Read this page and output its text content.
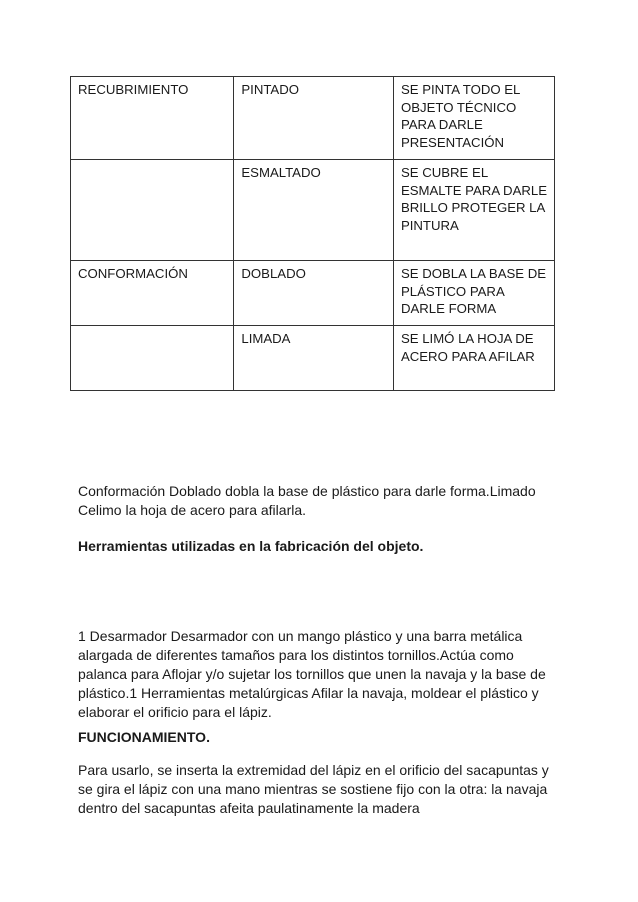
RECUBRIMIENTO	PINTADO	SE PINTA TODO EL OBJETO TÉCNICO PARA DARLE PRESENTACIÓN
	ESMALTADO	SE CUBRE EL ESMALTE PARA DARLE BRILLO PROTEGER LA PINTURA
CONFORMACIÓN	DOBLADO	SE DOBLA LA BASE DE PLÁSTICO PARA DARLE FORMA
	LIMADA	SE LIMÓ LA HOJA DE ACERO PARA AFILAR

Conformación Doblado dobla la base de plástico para darle forma.Limado Celimo la hoja de acero para afilarla.

Herramientas utilizadas en la fabricación del objeto.

1 Desarmador Desarmador con un mango plástico y una barra metálica alargada de diferentes tamaños para los distintos tornillos.Actúa como palanca para Aflojar y/o sujetar los tornillos que unen la navaja y la base de plástico.1 Herramientas metalúrgicas Afilar la navaja, moldear el plástico y elaborar el orificio para el lápiz.

FUNCIONAMIENTO.

Para usarlo, se inserta la extremidad del lápiz en el orificio del sacapuntas y se gira el lápiz con una mano mientras se sostiene fijo con la otra: la navaja dentro del sacapuntas afeita paulatinamente la madera
